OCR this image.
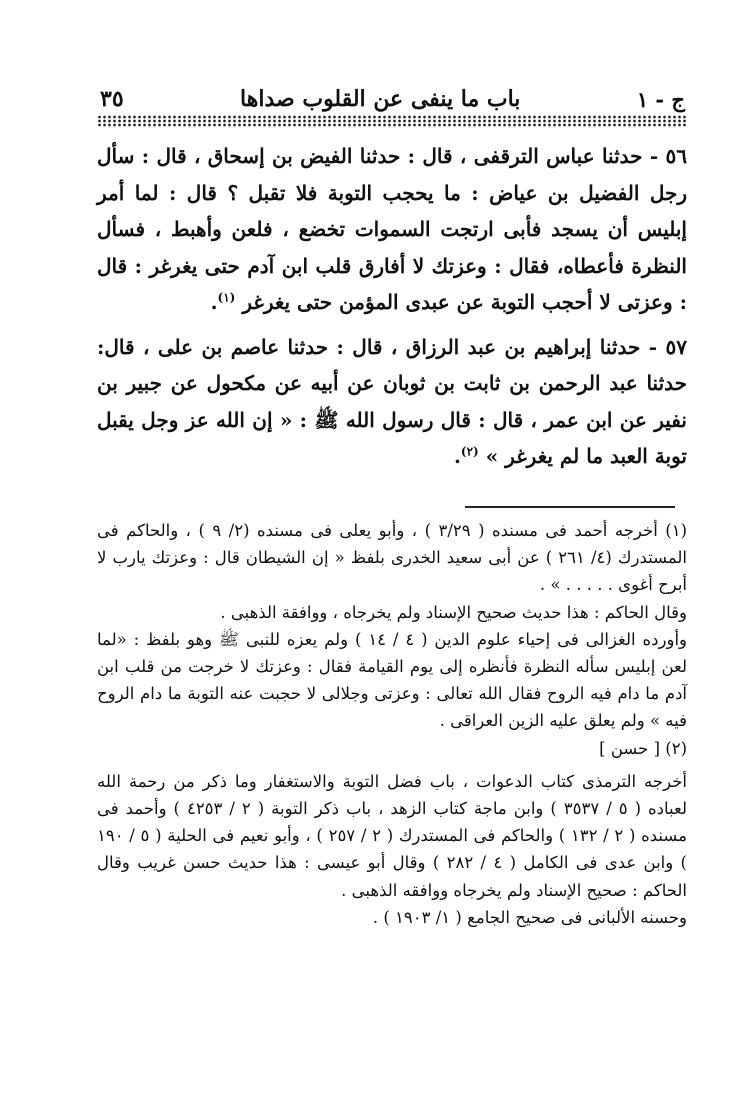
ج - ١
باب ما ينفى عن القلوب صداها
٣٥

٥٦ - حدثنا عباس الترقفى ، قال : حدثنا الفيض بن إسحاق ، قال : سأل رجل الفضيل بن عياض : ما يحجب التوبة فلا تقبل ؟ قال : لما أمر إبليس أن يسجد فأبى ارتجت السموات تخضع ، فلعن وأهبط ، فسأل النظرة فأعطاه، فقال : وعزتك لا أفارق قلب ابن آدم حتى يغرغر : قال : وعزتى لا أحجب التوبة عن عبدى المؤمن حتى يغرغر $^{(١)}$.

٥٧ - حدثنا إبراهيم بن عبد الرزاق ، قال : حدثنا عاصم بن على ، قال: حدثنا عبد الرحمن بن ثابت بن ثوبان عن أبيه عن مكحول عن جبير بن نفير عن ابن عمر ، قال : قال رسول الله ﷺ : « إن الله عز وجل يقبل توبة العبد ما لم يغرغر » $^{(٢)}$.

(١) أخرجه أحمد فى مسنده ( ٣/٢٩ ) ، وأبو يعلى فى مسنده (٢/ ٩ ) ، والحاكم فى المستدرك (٤/ ٢٦١ ) عن أبى سعيد الخدرى بلفظ « إن الشيطان قال : وعزتك يارب لا أبرح أغوى . . . . . » .

وقال الحاكم : هذا حديث صحيح الإسناد ولم يخرجاه ، ووافقة الذهبى .

وأورده الغزالى فى إحياء علوم الدين ( ٤ / ١٤ ) ولم يعزه للنبى ﷺ وهو بلفظ : «لما لعن إبليس سأله النظرة فأنظره إلى يوم القيامة فقال : وعزتك لا خرجت من قلب ابن آدم ما دام فيه الروح فقال الله تعالى : وعزتى وجلالى لا حجبت عنه التوبة ما دام الروح فيه » ولم يعلق عليه الزين العراقى .

(٢) [ حسن ]

أخرجه الترمذى كتاب الدعوات ، باب فضل التوبة والاستغفار وما ذكر من رحمة الله لعباده ( ٥ / ٣٥٣٧ ) وابن ماجة كتاب الزهد ، باب ذكر التوبة ( ٢ / ٤٢٥٣ ) وأحمد فى مسنده ( ٢ / ١٣٢ ) والحاكم فى المستدرك ( ٢ / ٢٥٧ ) ، وأبو نعيم فى الحلية ( ٥ / ١٩٠ ) وابن عدى فى الكامل ( ٤ / ٢٨٢ ) وقال أبو عيسى : هذا حديث حسن غريب وقال الحاكم : صحيح الإسناد ولم يخرجاه ووافقه الذهبى .

وحسنه الألبانى فى صحيح الجامع ( ١/ ١٩٠٣ ) .
